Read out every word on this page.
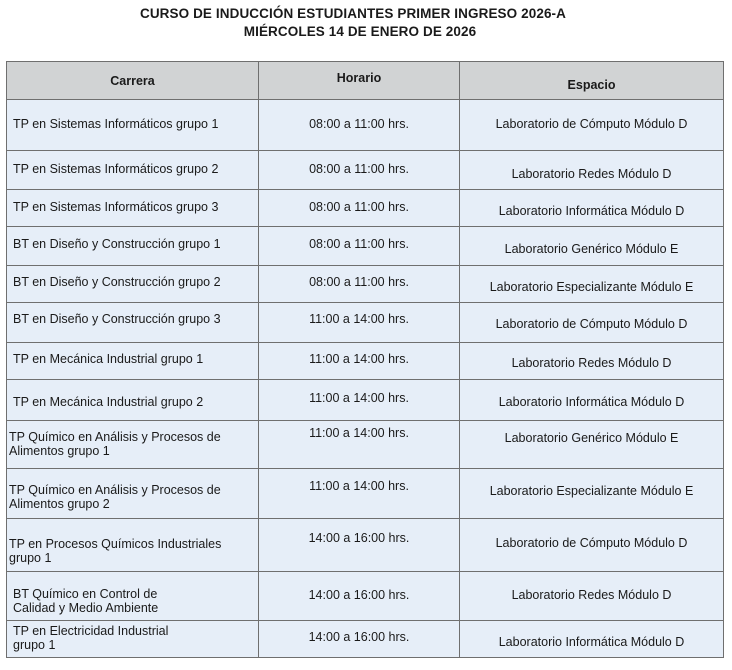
CURSO DE INDUCCIÓN ESTUDIANTES PRIMER INGRESO 2026-A
MIÉRCOLES 14 DE ENERO DE 2026
Carrera	Horario	Espacio

TP en Sistemas Informáticos grupo 1	08:00 a 11:00 hrs.	Laboratorio de Cómputo Módulo D

TP en Sistemas Informáticos grupo 2	08:00 a 11:00 hrs.	Laboratorio Redes Módulo D

TP en Sistemas Informáticos grupo 3	08:00 a 11:00 hrs.	Laboratorio Informática Módulo D

BT en Diseño y Construcción grupo 1	08:00 a 11:00 hrs.	Laboratorio Genérico Módulo E

BT en Diseño y Construcción grupo 2	08:00 a 11:00 hrs.	Laboratorio Especializante Módulo E

BT en Diseño y Construcción grupo 3	11:00 a 14:00 hrs.	Laboratorio de Cómputo Módulo D

TP en Mecánica Industrial grupo 1	11:00 a 14:00 hrs.	Laboratorio Redes Módulo D

TP en Mecánica Industrial grupo 2	11:00 a 14:00 hrs.	Laboratorio Informática Módulo D

TP Químico en Análisis y Procesos de Alimentos grupo 1	11:00 a 14:00 hrs.	Laboratorio Genérico Módulo E

TP Químico en Análisis y Procesos de Alimentos grupo 2	11:00 a 14:00 hrs.	Laboratorio Especializante Módulo E

TP en Procesos Químicos Industriales grupo 1	14:00 a 16:00 hrs.	Laboratorio de Cómputo Módulo D

BT Químico en Control de Calidad y Medio Ambiente	14:00 a 16:00 hrs.	Laboratorio Redes Módulo D

TP en Electricidad Industrial grupo 1	14:00 a 16:00 hrs.	Laboratorio Informática Módulo D
